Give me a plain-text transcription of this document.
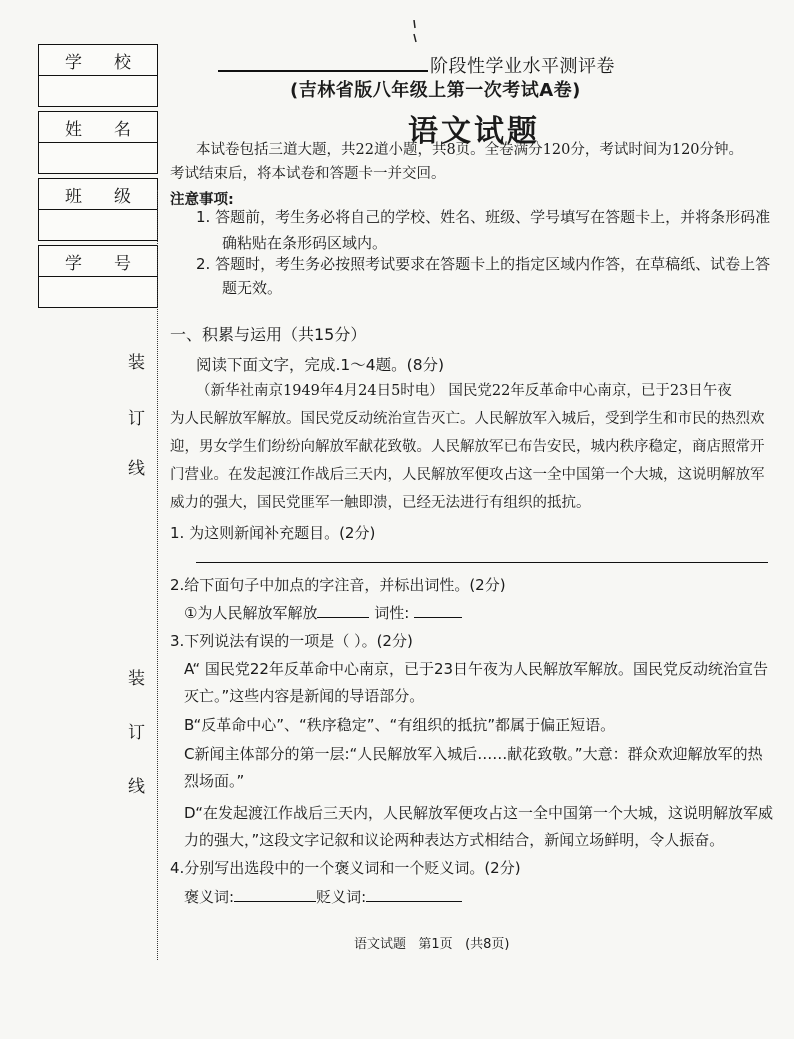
阶段性学业水平测评卷
(吉林省版八年级上第一次考试A卷)
语文试题
学 校
姓 名
班 级
学 号
装
订
线
装
订
线
本试卷包括三道大题，共22道小题，共8页。全卷满分120分，考试时间为120分钟。
考试结束后，将本试卷和答题卡一并交回。
注意事项:
1. 答题前，考生务必将自己的学校、姓名、班级、学号填写在答题卡上，并将条形码准
确粘贴在条形码区域内。
2. 答题时，考生务必按照考试要求在答题卡上的指定区域内作答，在草稿纸、试卷上答
题无效。
一、积累与运用（共15分）
阅读下面文字，完成.1～4题。(8分)
（新华社南京1949年4月24日5时电） 国民党22年反革命中心南京，已于23日午夜
为人民解放军解放。国民党反动统治宣告灭亡。人民解放军入城后，受到学生和市民的热烈欢
迎，男女学生们纷纷向解放军献花致敬。人民解放军已布告安民，城内秩序稳定，商店照常开
门营业。在发起渡江作战后三天内，人民解放军便攻占这一全中国第一个大城，这说明解放军
威力的强大，国民党匪军一触即溃，已经无法进行有组织的抵抗。
1. 为这则新闻补充题目。(2分)
2.给下面句子中加点的字注音，并标出词性。(2分)
①为人民解放军解放	词性:
3.下列说法有误的一项是（ ）。(2分)
A“ 国民党22年反革命中心南京，已于23日午夜为人民解放军解放。国民党反动统治宣告
灭亡。”这些内容是新闻的导语部分。
B“反革命中心”、“秩序稳定”、“有组织的抵抗”都属于偏正短语。
C新闻主体部分的第一层:“人民解放军入城后……献花致敬。”大意：群众欢迎解放军的热
烈场面。”
D“在发起渡江作战后三天内，人民解放军便攻占这一全中国第一个大城，这说明解放军威
力的强大，”这段文字记叙和议论两种表达方式相结合，新闻立场鲜明，令人振奋。
4.分别写出选段中的一个褒义词和一个贬义词。(2分)
褒义词:	贬义词:
语文试题   第1页   (共8页)
